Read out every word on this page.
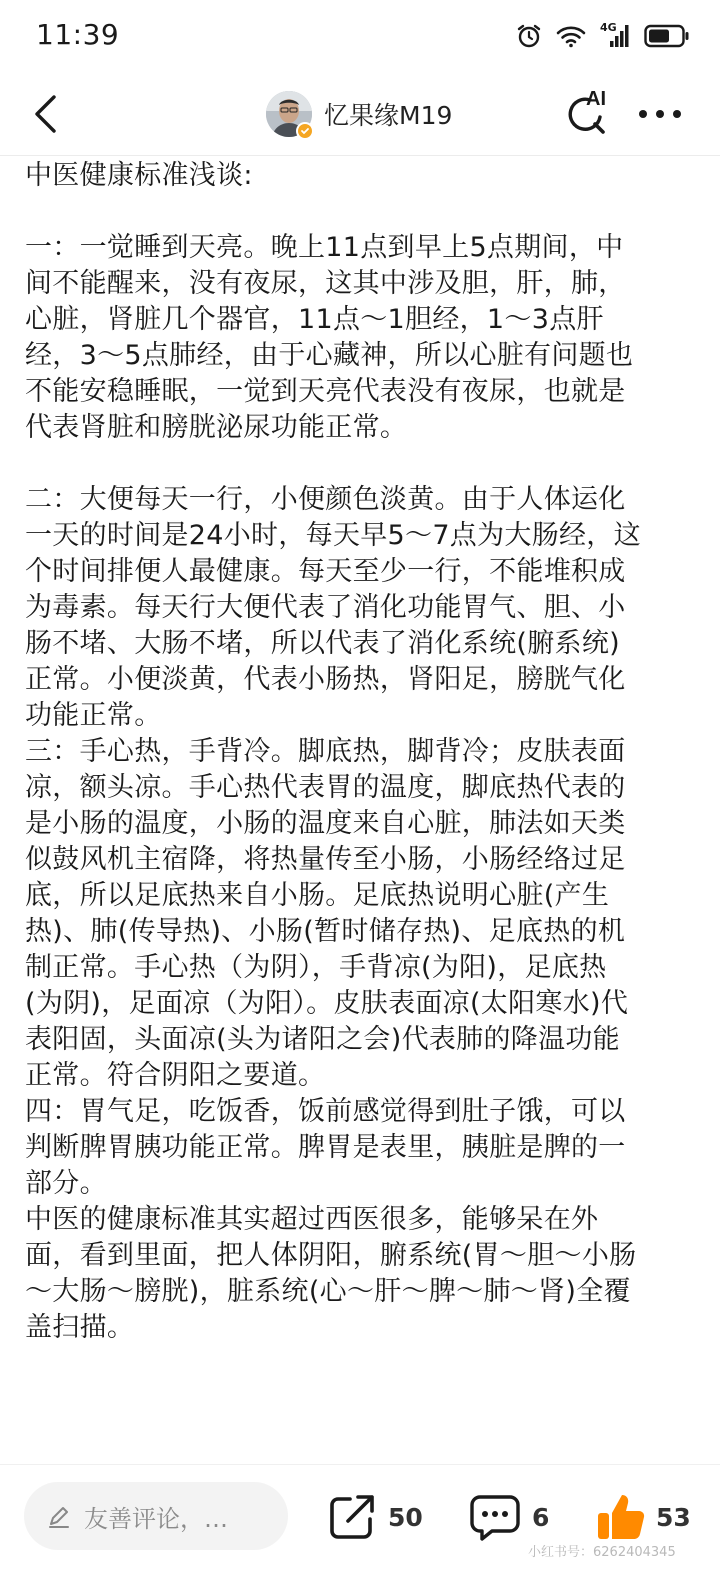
11:39	4G
忆果缘M19
AI
中医健康标准浅谈:
一：一觉睡到天亮。晚上11点到早上5点期间，中
间不能醒来，没有夜尿，这其中涉及胆，肝，肺，
心脏，肾脏几个器官，11点～1胆经，1～3点肝
经，3～5点肺经，由于心藏神，所以心脏有问题也
不能安稳睡眠，一觉到天亮代表没有夜尿，也就是
代表肾脏和膀胱泌尿功能正常。
二：大便每天一行，小便颜色淡黄。由于人体运化
一天的时间是24小时，每天早5～7点为大肠经，这
个时间排便人最健康。每天至少一行，不能堆积成
为毒素。每天行大便代表了消化功能胃气、胆、小
肠不堵、大肠不堵，所以代表了消化系统(腑系统)
正常。小便淡黄，代表小肠热，肾阳足，膀胱气化
功能正常。
三：手心热，手背冷。脚底热，脚背冷；皮肤表面
凉，额头凉。手心热代表胃的温度，脚底热代表的
是小肠的温度，小肠的温度来自心脏，肺法如天类
似鼓风机主宿降，将热量传至小肠，小肠经络过足
底，所以足底热来自小肠。足底热说明心脏(产生
热)、肺(传导热)、小肠(暂时储存热)、足底热的机
制正常。手心热（为阴），手背凉(为阳)，足底热
(为阴)，足面凉（为阳）。皮肤表面凉(太阳寒水)代
表阳固，头面凉(头为诸阳之会)代表肺的降温功能
正常。符合阴阳之要道。
四：胃气足，吃饭香，饭前感觉得到肚子饿，可以
判断脾胃胰功能正常。脾胃是表里，胰脏是脾的一
部分。
中医的健康标准其实超过西医很多，能够呆在外
面，看到里面，把人体阴阳，腑系统(胃～胆～小肠
～大肠～膀胱)，脏系统(心～肝～脾～肺～肾)全覆
盖扫描。
友善评论，…	50	6	53
小红书号：6262404345
